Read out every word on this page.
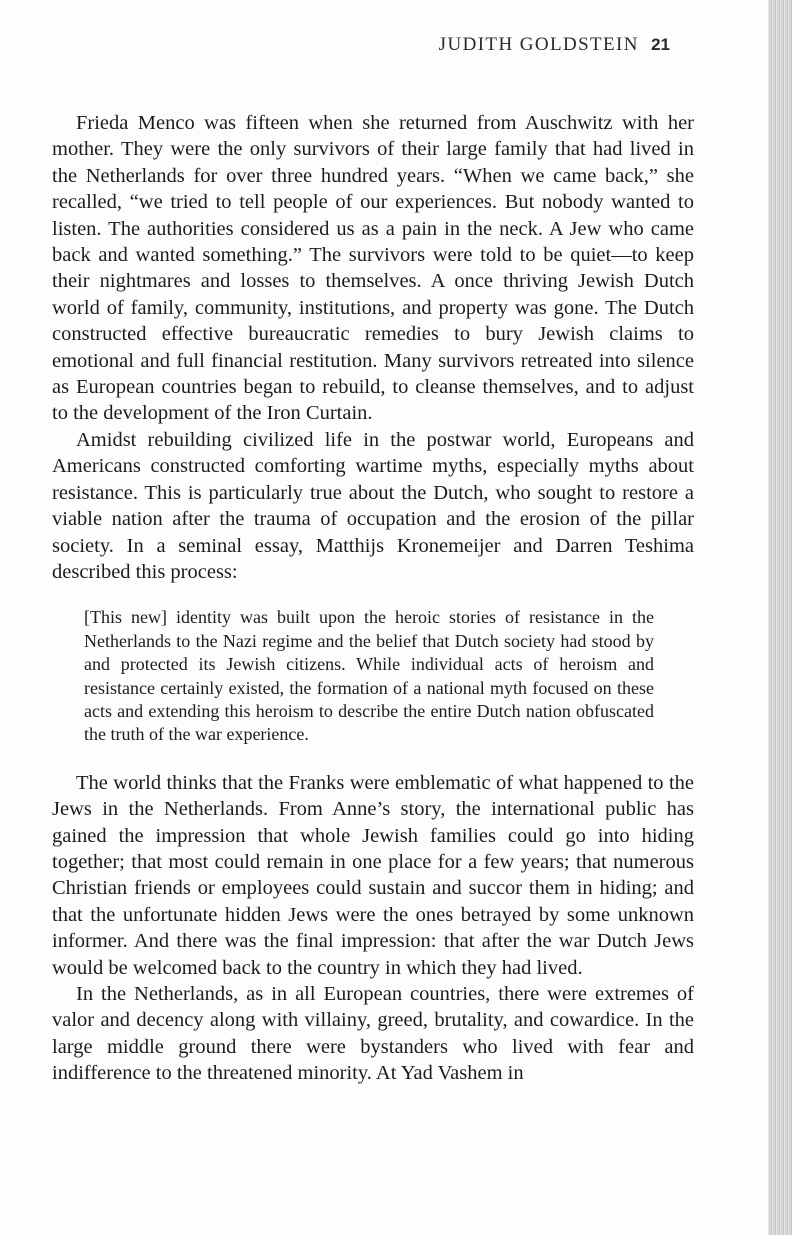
JUDITH GOLDSTEIN 21

Frieda Menco was fifteen when she returned from Auschwitz with her mother. They were the only survivors of their large family that had lived in the Netherlands for over three hundred years. “When we came back,” she recalled, “we tried to tell people of our experiences. But nobody wanted to listen. The authorities considered us as a pain in the neck. A Jew who came back and wanted something.” The survivors were told to be quiet—to keep their nightmares and losses to themselves. A once thriving Jewish Dutch world of family, community, institutions, and property was gone. The Dutch constructed effective bureaucratic remedies to bury Jewish claims to emotional and full financial restitution. Many survivors retreated into silence as European countries began to rebuild, to cleanse themselves, and to adjust to the development of the Iron Curtain.

Amidst rebuilding civilized life in the postwar world, Europeans and Americans constructed comforting wartime myths, especially myths about resistance. This is particularly true about the Dutch, who sought to restore a viable nation after the trauma of occupation and the erosion of the pillar society. In a seminal essay, Matthijs Kronemeijer and Darren Teshima described this process:

[This new] identity was built upon the heroic stories of resistance in the Netherlands to the Nazi regime and the belief that Dutch society had stood by and protected its Jewish citizens. While individual acts of heroism and resistance certainly existed, the formation of a national myth focused on these acts and extending this heroism to describe the entire Dutch nation obfuscated the truth of the war experience.

The world thinks that the Franks were emblematic of what happened to the Jews in the Netherlands. From Anne’s story, the international public has gained the impression that whole Jewish families could go into hiding together; that most could remain in one place for a few years; that numerous Christian friends or employees could sustain and succor them in hiding; and that the unfortunate hidden Jews were the ones betrayed by some unknown informer. And there was the final impression: that after the war Dutch Jews would be welcomed back to the country in which they had lived.

In the Netherlands, as in all European countries, there were extremes of valor and decency along with villainy, greed, brutality, and cowardice. In the large middle ground there were bystanders who lived with fear and indifference to the threatened minority. At Yad Vashem in
